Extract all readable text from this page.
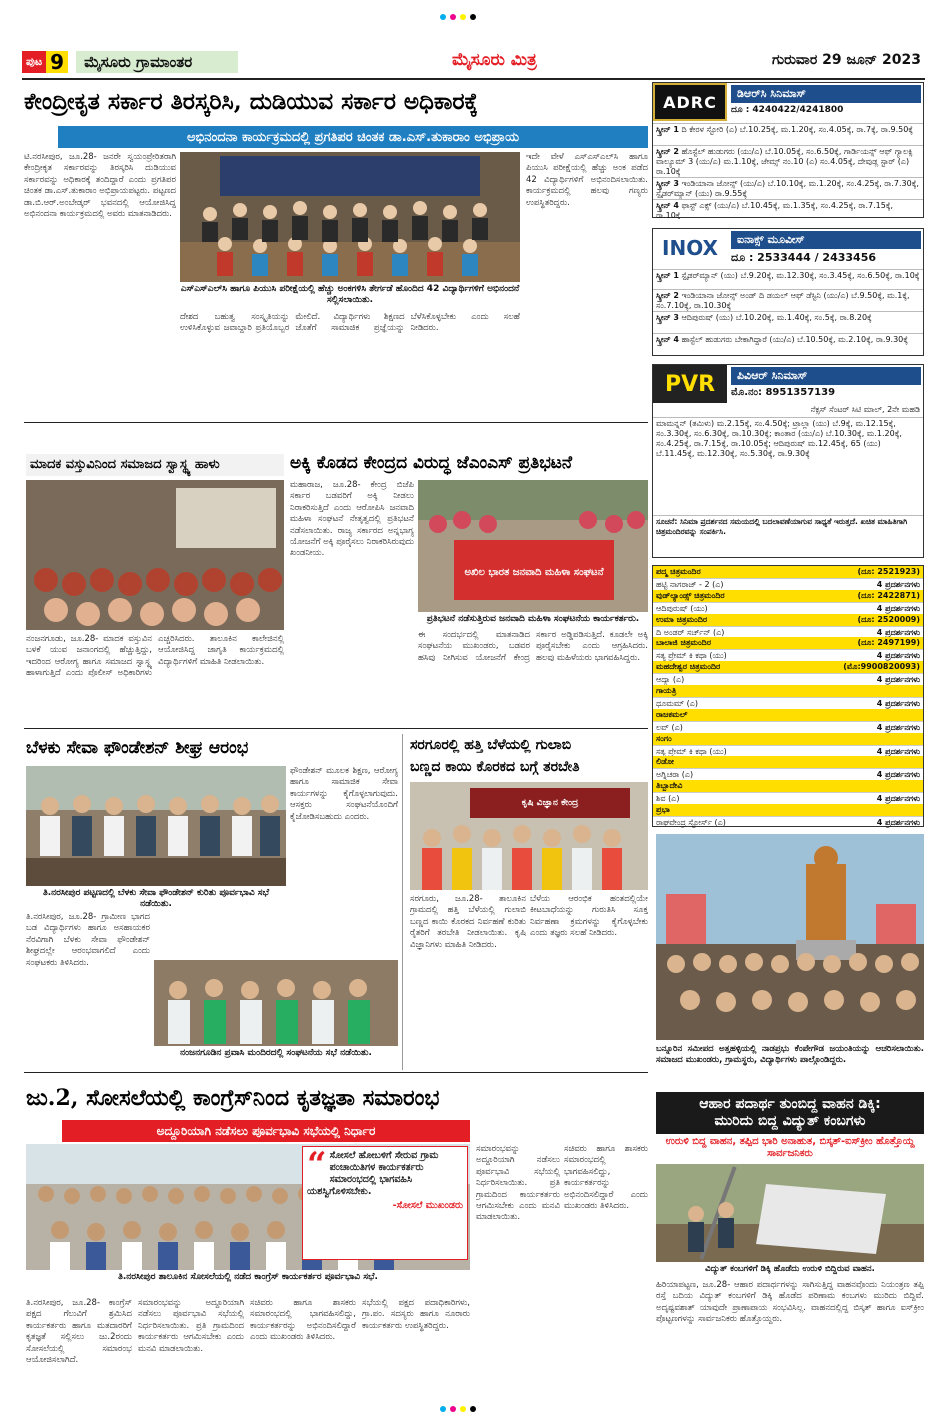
ಪುಟ 9	ಮೈಸೂರು ಗ್ರಾಮಾಂತರ	ಮೈಸೂರು ಮಿತ್ರ	ಗುರುವಾರ 29 ಜೂನ್ 2023
ಕೇಂದ್ರೀಕೃತ ಸರ್ಕಾರ ತಿರಸ್ಕರಿಸಿ, ದುಡಿಯುವ ಸರ್ಕಾರ ಅಧಿಕಾರಕ್ಕೆ
ಅಭಿನಂದನಾ ಕಾರ್ಯಕ್ರಮದಲ್ಲಿ ಪ್ರಗತಿಪರ ಚಿಂತಕ ಡಾ.ಎಸ್.ತುಕಾರಾಂ ಅಭಿಪ್ರಾಯ
ಟಿ.ನರಸೀಪುರ, ಜೂ.28- ಜನರೇ ಸ್ವಯಂಪ್ರೇರಿತರಾಗಿ ಕೇಂದ್ರೀಕೃತ ಸರ್ಕಾರವನ್ನು ತಿರಸ್ಕರಿಸಿ ದುಡಿಯುವ ಸರ್ಕಾರವನ್ನು ಅಧಿಕಾರಕ್ಕೆ ತಂದಿದ್ದಾರೆ ಎಂದು ಪ್ರಗತಿಪರ ಚಿಂತಕ ಡಾ.ಎಸ್.ತುಕಾರಾಂ ಅಭಿಪ್ರಾಯಪಟ್ಟರು. ಪಟ್ಟಣದ ಡಾ.ಬಿ.ಆರ್.ಅಂಬೇಡ್ಕರ್ ಭವನದಲ್ಲಿ ಆಯೋಜಿಸಿದ್ದ ಅಭಿನಂದನಾ ಕಾರ್ಯಕ್ರಮದಲ್ಲಿ ಅವರು ಮಾತನಾಡಿದರು.
ಎಸ್‌ಎಸ್‌ಎಲ್‌ಸಿ ಹಾಗೂ ಪಿಯುಸಿ ಪರೀಕ್ಷೆಯಲ್ಲಿ ಹೆಚ್ಚು ಅಂಕಗಳಿಸಿ ತೇರ್ಗಡೆ ಹೊಂದಿದ 42 ವಿದ್ಯಾರ್ಥಿಗಳಿಗೆ ಅಭಿನಂದನೆ ಸಲ್ಲಿಸಲಾಯಿತು.
ದೇಶದ ಬಹುತ್ವ ಸಂಸ್ಕೃತಿಯನ್ನು ಉಳಿಸಿಕೊಳ್ಳುವ ಜವಾಬ್ದಾರಿ ಪ್ರತಿಯೊಬ್ಬರ ಮೇಲಿದೆ. ವಿದ್ಯಾರ್ಥಿಗಳು ಶಿಕ್ಷಣದ ಜೊತೆಗೆ ಸಾಮಾಜಿಕ ಪ್ರಜ್ಞೆಯನ್ನು ಬೆಳೆಸಿಕೊಳ್ಳಬೇಕು ಎಂದು ಸಲಹೆ ನೀಡಿದರು.
ಇದೇ ವೇಳೆ ಎಸ್‌ಎಸ್‌ಎಲ್‌ಸಿ ಹಾಗೂ ಪಿಯುಸಿ ಪರೀಕ್ಷೆಯಲ್ಲಿ ಹೆಚ್ಚು ಅಂಕ ಪಡೆದ 42 ವಿದ್ಯಾರ್ಥಿಗಳಿಗೆ ಅಭಿನಂದಿಸಲಾಯಿತು. ಕಾರ್ಯಕ್ರಮದಲ್ಲಿ ಹಲವು ಗಣ್ಯರು ಉಪಸ್ಥಿತರಿದ್ದರು.
ಮಾದಕ ವಸ್ತುವಿನಿಂದ ಸಮಾಜದ ಸ್ವಾಸ್ಥ್ಯ ಹಾಳು
ನಂಜನಗೂಡು, ಜೂ.28- ಮಾದಕ ವಸ್ತುವಿನ ಬಳಕೆ ಯುವ ಜನಾಂಗದಲ್ಲಿ ಹೆಚ್ಚುತ್ತಿದ್ದು, ಇದರಿಂದ ಆರೋಗ್ಯ ಹಾಗೂ ಸಮಾಜದ ಸ್ವಾಸ್ಥ್ಯ ಹಾಳಾಗುತ್ತಿದೆ ಎಂದು ಪೊಲೀಸ್ ಅಧಿಕಾರಿಗಳು ಎಚ್ಚರಿಸಿದರು. ತಾಲೂಕಿನ ಕಾಲೇಜಿನಲ್ಲಿ ಆಯೋಜಿಸಿದ್ದ ಜಾಗೃತಿ ಕಾರ್ಯಕ್ರಮದಲ್ಲಿ ವಿದ್ಯಾರ್ಥಿಗಳಿಗೆ ಮಾಹಿತಿ ನೀಡಲಾಯಿತು.
ಅಕ್ಕಿ ಕೊಡದ ಕೇಂದ್ರದ ವಿರುದ್ಧ ಜೆಎಂಎಸ್ ಪ್ರತಿಭಟನೆ
ಮಹಾರಾಜ, ಜೂ.28- ಕೇಂದ್ರ ಬಿಜೆಪಿ ಸರ್ಕಾರ ಬಡವರಿಗೆ ಅಕ್ಕಿ ನೀಡಲು ನಿರಾಕರಿಸುತ್ತಿದೆ ಎಂದು ಆರೋಪಿಸಿ ಜನವಾದಿ ಮಹಿಳಾ ಸಂಘಟನೆ ನೇತೃತ್ವದಲ್ಲಿ ಪ್ರತಿಭಟನೆ ನಡೆಸಲಾಯಿತು. ರಾಜ್ಯ ಸರ್ಕಾರದ ಅನ್ನಭಾಗ್ಯ ಯೋಜನೆಗೆ ಅಕ್ಕಿ ಪೂರೈಸಲು ನಿರಾಕರಿಸಿರುವುದು ಖಂಡನೀಯ.
ಅಖಿಲ ಭಾರತ ಜನವಾದಿ ಮಹಿಳಾ ಸಂಘಟನೆ
ಪ್ರತಿಭಟನೆ ನಡೆಸುತ್ತಿರುವ ಜನವಾದಿ ಮಹಿಳಾ ಸಂಘಟನೆಯ ಕಾರ್ಯಕರ್ತರು.
ಈ ಸಂದರ್ಭದಲ್ಲಿ ಮಾತನಾಡಿದ ಸಂಘಟನೆಯ ಮುಖಂಡರು, ಬಡವರ ಹಸಿವು ನೀಗಿಸುವ ಯೋಜನೆಗೆ ಕೇಂದ್ರ ಸರ್ಕಾರ ಅಡ್ಡಿಪಡಿಸುತ್ತಿದೆ. ಕೂಡಲೇ ಅಕ್ಕಿ ಪೂರೈಸಬೇಕು ಎಂದು ಆಗ್ರಹಿಸಿದರು. ಹಲವು ಮಹಿಳೆಯರು ಭಾಗವಹಿಸಿದ್ದರು.
ಬೆಳಕು ಸೇವಾ ಫೌಂಡೇಶನ್ ಶೀಘ್ರ ಆರಂಭ
ತಿ.ನರಸೀಪುರ ಪಟ್ಟಣದಲ್ಲಿ ಬೆಳಕು ಸೇವಾ ಫೌಂಡೇಶನ್ ಕುರಿತು ಪೂರ್ವಭಾವಿ ಸಭೆ ನಡೆಯಿತು.
ತಿ.ನರಸೀಪುರ, ಜೂ.28- ಗ್ರಾಮೀಣ ಭಾಗದ ಬಡ ವಿದ್ಯಾರ್ಥಿಗಳು ಹಾಗೂ ಅಸಹಾಯಕರ ನೆರವಿಗಾಗಿ ಬೆಳಕು ಸೇವಾ ಫೌಂಡೇಶನ್ ಶೀಘ್ರದಲ್ಲೇ ಆರಂಭವಾಗಲಿದೆ ಎಂದು ಸಂಘಟಕರು ತಿಳಿಸಿದರು.
ಫೌಂಡೇಶನ್ ಮೂಲಕ ಶಿಕ್ಷಣ, ಆರೋಗ್ಯ ಹಾಗೂ ಸಾಮಾಜಿಕ ಸೇವಾ ಕಾರ್ಯಗಳನ್ನು ಕೈಗೊಳ್ಳಲಾಗುವುದು. ಆಸಕ್ತರು ಸಂಘಟನೆಯೊಂದಿಗೆ ಕೈಜೋಡಿಸಬಹುದು ಎಂದರು.
ನಂಜನಗೂಡಿನ ಪ್ರವಾಸಿ ಮಂದಿರದಲ್ಲಿ ಸಂಘಟನೆಯ ಸಭೆ ನಡೆಯಿತು.
ಸರಗೂರಲ್ಲಿ ಹತ್ತಿ ಬೆಳೆಯಲ್ಲಿ ಗುಲಾಬಿ
ಬಣ್ಣದ ಕಾಯಿ ಕೊರಕದ ಬಗ್ಗೆ ತರಬೇತಿ
ಕೃಷಿ ವಿಜ್ಞಾನ ಕೇಂದ್ರ
ಸರಗೂರು, ಜೂ.28- ತಾಲೂಕಿನ ಗ್ರಾಮದಲ್ಲಿ ಹತ್ತಿ ಬೆಳೆಯಲ್ಲಿ ಗುಲಾಬಿ ಬಣ್ಣದ ಕಾಯಿ ಕೊರಕದ ನಿರ್ವಹಣೆ ಕುರಿತು ರೈತರಿಗೆ ತರಬೇತಿ ನೀಡಲಾಯಿತು. ಕೃಷಿ ವಿಜ್ಞಾನಿಗಳು ಮಾಹಿತಿ ನೀಡಿದರು.
ಬೆಳೆಯ ಆರಂಭಿಕ ಹಂತದಲ್ಲಿಯೇ ಕೀಟಬಾಧೆಯನ್ನು ಗುರುತಿಸಿ ಸೂಕ್ತ ನಿರ್ವಹಣಾ ಕ್ರಮಗಳನ್ನು ಕೈಗೊಳ್ಳಬೇಕು ಎಂದು ತಜ್ಞರು ಸಲಹೆ ನೀಡಿದರು.
ಜು.2, ಸೋಸಲೆಯಲ್ಲಿ ಕಾಂಗ್ರೆಸ್‌ನಿಂದ ಕೃತಜ್ಞತಾ ಸಮಾರಂಭ
ಅದ್ದೂರಿಯಾಗಿ ನಡೆಸಲು ಪೂರ್ವಭಾವಿ ಸಭೆಯಲ್ಲಿ ನಿರ್ಧಾರ
“ ಸೋಸಲೆ ಹೋಬಳಿಗೆ ಸೇರುವ ಗ್ರಾಮ ಪಂಚಾಯಿತಿಗಳ ಕಾರ್ಯಕರ್ತರು ಸಮಾರಂಭದಲ್ಲಿ ಭಾಗವಹಿಸಿ ಯಶಸ್ವಿಗೊಳಿಸಬೇಕು.
-ಸೋಸಲೆ ಮುಖಂಡರು
ತಿ.ನರಸೀಪುರ ತಾಲೂಕಿನ ಸೋಸಲೆಯಲ್ಲಿ ನಡೆದ ಕಾಂಗ್ರೆಸ್ ಕಾರ್ಯಕರ್ತರ ಪೂರ್ವಭಾವಿ ಸಭೆ.
ತಿ.ನರಸೀಪುರ, ಜೂ.28- ಕಾಂಗ್ರೆಸ್ ಪಕ್ಷದ ಗೆಲುವಿಗೆ ಶ್ರಮಿಸಿದ ಕಾರ್ಯಕರ್ತರು ಹಾಗೂ ಮತದಾರರಿಗೆ ಕೃತಜ್ಞತೆ ಸಲ್ಲಿಸಲು ಜು.2ರಂದು ಸೋಸಲೆಯಲ್ಲಿ ಸಮಾರಂಭ ಆಯೋಜಿಸಲಾಗಿದೆ.
ಸಮಾರಂಭವನ್ನು ಅದ್ದೂರಿಯಾಗಿ ನಡೆಸಲು ಪೂರ್ವಭಾವಿ ಸಭೆಯಲ್ಲಿ ನಿರ್ಧರಿಸಲಾಯಿತು. ಪ್ರತಿ ಗ್ರಾಮದಿಂದ ಕಾರ್ಯಕರ್ತರು ಆಗಮಿಸಬೇಕು ಎಂದು ಮನವಿ ಮಾಡಲಾಯಿತು.
ಸಚಿವರು ಹಾಗೂ ಶಾಸಕರು ಸಮಾರಂಭದಲ್ಲಿ ಭಾಗವಹಿಸಲಿದ್ದು, ಕಾರ್ಯಕರ್ತರನ್ನು ಅಭಿನಂದಿಸಲಿದ್ದಾರೆ ಎಂದು ಮುಖಂಡರು ತಿಳಿಸಿದರು.
ಸಭೆಯಲ್ಲಿ ಪಕ್ಷದ ಪದಾಧಿಕಾರಿಗಳು, ಗ್ರಾ.ಪಂ. ಸದಸ್ಯರು ಹಾಗೂ ನೂರಾರು ಕಾರ್ಯಕರ್ತರು ಉಪಸ್ಥಿತರಿದ್ದರು.
ಸಮಾರಂಭವನ್ನು ಅದ್ದೂರಿಯಾಗಿ ನಡೆಸಲು ಪೂರ್ವಭಾವಿ ಸಭೆಯಲ್ಲಿ ನಿರ್ಧರಿಸಲಾಯಿತು. ಪ್ರತಿ ಗ್ರಾಮದಿಂದ ಕಾರ್ಯಕರ್ತರು ಆಗಮಿಸಬೇಕು ಎಂದು ಮನವಿ ಮಾಡಲಾಯಿತು.
ಸಚಿವರು ಹಾಗೂ ಶಾಸಕರು ಸಮಾರಂಭದಲ್ಲಿ ಭಾಗವಹಿಸಲಿದ್ದು, ಕಾರ್ಯಕರ್ತರನ್ನು ಅಭಿನಂದಿಸಲಿದ್ದಾರೆ ಎಂದು ಮುಖಂಡರು ತಿಳಿಸಿದರು.
ADRC	ಡಿಆರ್‌ಸಿ ಸಿನಿಮಾಸ್
ದೂ : 4240422/4241800
ಸ್ಕ್ರೀನ್ 1 ದಿ ಕೇರಳ ಸ್ಟೋರಿ (ಎ) ಬೆ.10.25ಕ್ಕೆ, ಮ.1.20ಕ್ಕೆ, ಸಂ.4.05ಕ್ಕೆ, ರಾ.7ಕ್ಕೆ, ರಾ.9.50ಕ್ಕೆ
ಸ್ಕ್ರೀನ್ 2 ಹೊಸ್ಟೆಲ್ ಹುಡುಗರು (ಯು/ಎ) ಬೆ.10.05ಕ್ಕೆ, ಸಂ.6.50ಕ್ಕೆ, ಗಾರ್ಡಿಯನ್ಸ್ ಆಫ್ ಗ್ಯಾಲಕ್ಸಿ ವಾಲ್ಯೂಮ್ 3 (ಯು/ಎ) ಮ.1.10ಕ್ಕೆ, ಜೇಮ್ಸ್ ನಂ.10 (ಎ) ಸಂ.4.05ಕ್ಕೆ, ದೇವುಡ್ಲ ಸ್ಟಾರ್ (ಎ) ರಾ.10ಕ್ಕೆ
ಸ್ಕ್ರೀನ್ 3 ಇಂಡಿಯಾನಾ ಜೋನ್ಸ್ (ಯು/ಎ) ಬೆ.10.10ಕ್ಕೆ, ಮ.1.20ಕ್ಕೆ, ಸಂ.4.25ಕ್ಕೆ, ರಾ.7.30ಕ್ಕೆ, ಸ್ಪೈಡರ್‌ಮ್ಯಾನ್ (ಯು) ರಾ.9.55ಕ್ಕೆ
ಸ್ಕ್ರೀನ್ 4 ಫಾಸ್ಟ್ ಎಕ್ಸ್ (ಯು/ಎ) ಬೆ.10.45ಕ್ಕೆ, ಮ.1.35ಕ್ಕೆ, ಸಂ.4.25ಕ್ಕೆ, ರಾ.7.15ಕ್ಕೆ, ರಾ.10ಕ್ಕೆ
INOX	ಐನಾಕ್ಸ್ ಮೂವೀಸ್
ದೂ : 2533444 / 2433456
ಸ್ಕ್ರೀನ್ 1 ಸ್ಪೈಡರ್‌ಮ್ಯಾನ್ (ಯು) ಬೆ.9.20ಕ್ಕೆ, ಮ.12.30ಕ್ಕೆ, ಸಂ.3.45ಕ್ಕೆ, ಸಂ.6.50ಕ್ಕೆ, ರಾ.10ಕ್ಕೆ
ಸ್ಕ್ರೀನ್ 2 ಇಂಡಿಯಾನಾ ಜೋನ್ಸ್ ಅಂಡ್ ದಿ ಡಯಲ್ ಆಫ್ ಡೆಸ್ಟಿನಿ (ಯು/ಎ) ಬೆ.9.50ಕ್ಕೆ, ಮ.1ಕ್ಕೆ, ಸಂ.7.10ಕ್ಕೆ, ರಾ.10.30ಕ್ಕೆ
ಸ್ಕ್ರೀನ್ 3 ಆದಿಪುರುಷ್ (ಯು) ಬೆ.10.20ಕ್ಕೆ, ಮ.1.40ಕ್ಕೆ, ಸಂ.5ಕ್ಕೆ, ರಾ.8.20ಕ್ಕೆ
ಸ್ಕ್ರೀನ್ 4 ಹಾಸ್ಟೆಲ್ ಹುಡುಗರು ಬೇಕಾಗಿದ್ದಾರೆ (ಯು/ಎ) ಬೆ.10.50ಕ್ಕೆ, ಮ.2.10ಕ್ಕೆ, ರಾ.9.30ಕ್ಕೆ
PVR	ಪಿವಿಆರ್ ಸಿನಿಮಾಸ್
ಮೊ.ನಂ: 8951357139
ನೆಕ್ಸಸ್ ಸೆಂಟರ್ ಸಿಟಿ ಮಾಲ್, 2ನೇ ಮಹಡಿ
ಮಾಮನ್ನನ್ (ತಮಿಳು) ಮ.2.15ಕ್ಕೆ, ಸಂ.4.50ಕ್ಕೆ; ಟ್ರಾಲ್ಲಾ (ಯು) ಬೆ.9ಕ್ಕೆ, ಮ.12.15ಕ್ಕೆ, ಸಂ.3.30ಕ್ಕೆ, ಸಂ.6.30ಕ್ಕೆ, ರಾ.10.30ಕ್ಕೆ; ಕಾಂತಾರ (ಯು/ಎ) ಬೆ.10.30ಕ್ಕೆ, ಮ.1.20ಕ್ಕೆ, ಸಂ.4.25ಕ್ಕೆ, ರಾ.7.15ಕ್ಕೆ, ರಾ.10.05ಕ್ಕೆ; ಆದಿಪುರುಷ್ ಮ.12.45ಕ್ಕೆ, 65 (ಯು) ಬೆ.11.45ಕ್ಕೆ, ಮ.12.30ಕ್ಕೆ, ಸಂ.5.30ಕ್ಕೆ, ರಾ.9.30ಕ್ಕೆ
ಸೂಚನೆ: ಸಿನಿಮಾ ಪ್ರದರ್ಶನದ ಸಮಯದಲ್ಲಿ ಬದಲಾವಣೆಯಾಗುವ ಸಾಧ್ಯತೆ ಇರುತ್ತದೆ. ಖಚಿತ ಮಾಹಿತಿಗಾಗಿ ಚಿತ್ರಮಂದಿರವನ್ನು ಸಂಪರ್ಕಿಸಿ.
ಪದ್ಮ ಚಿತ್ರಮಂದಿರ	(ದೂ: 2521923)
ಹಟ್ಟಿ ನಾಗರಾಜ್ - 2 (ಎ)	4 ಪ್ರದರ್ಶನಗಳು
ವುಡ್‌ಲ್ಯಾಂಡ್ಸ್ ಚಿತ್ರಮಂದಿರ	(ದೂ: 2422871)
ಆದಿಪುರುಷ್ (ಯು)	4 ಪ್ರದರ್ಶನಗಳು
ಉಮಾ ಚಿತ್ರಮಂದಿರ	(ದೂ: 2520009)
ದಿ ಅಂಡರ್ ಸರ್ಚ್‌ನ್ (ಎ)	4 ಪ್ರದರ್ಶನಗಳು
ಬಾಲಾಜಿ ಚಿತ್ರಮಂದಿರ	(ದೂ: 2497199)
ಸತ್ಯ ಪ್ರೇಮ್ ಕಿ ಕಥಾ (ಯು)	4 ಪ್ರದರ್ಶನಗಳು
ಮಹದೇಶ್ವರ ಚಿತ್ರಮಂದಿರ	(ಮೊ:9900820093)
ಆದ್ಯಾ (ಎ)	4 ಪ್ರದರ್ಶನಗಳು
ಗಾಯತ್ರಿ
ಧೂಮಮ್ (ಎ)	4 ಪ್ರದರ್ಶನಗಳು
ರಾಜಕಮಲ್
ಲವ್ (ಎ)	4 ಪ್ರದರ್ಶನಗಳು
ಸಂಗಂ
ಸತ್ಯ ಪ್ರೇಮ್ ಕಿ ಕಥಾ (ಯು)	4 ಪ್ರದರ್ಶನಗಳು
ಲಿಡೋ
ಅಗ್ನಿಚರಾ (ಎ)	4 ಪ್ರದರ್ಶನಗಳು
ತಿಬ್ಬಾದೇವಿ
ಶಿವ (ಎ)	4 ಪ್ರದರ್ಶನಗಳು
ಪ್ರಭಾ
ರಾಘವೇಂದ್ರ ಸ್ಟೋರ್ಸ್ (ಎ)	4 ಪ್ರದರ್ಶನಗಳು
ಬನ್ನೂರಿನ ಸಮೀಪದ ಅತ್ತಹಳ್ಳಿಯಲ್ಲಿ ನಾಡಪ್ರಭು ಕೆಂಪೇಗೌಡ ಜಯಂತಿಯನ್ನು ಆಚರಿಸಲಾಯಿತು. ಸಮಾಜದ ಮುಖಂಡರು, ಗ್ರಾಮಸ್ಥರು, ವಿದ್ಯಾರ್ಥಿಗಳು ಪಾಲ್ಗೊಂಡಿದ್ದರು.
ಆಹಾರ ಪದಾರ್ಥ ತುಂಬಿದ್ದ ವಾಹನ ಡಿಕ್ಕಿ:
ಮುರಿದು ಬಿದ್ದ ವಿದ್ಯುತ್ ಕಂಬಗಳು
ಉರುಳಿ ಬಿದ್ದ ವಾಹನ, ತಪ್ಪಿದ ಭಾರಿ ಅನಾಹುತ, ಬಿಸ್ಕತ್-ಐಸ್‌ಕ್ರೀಂ ಹೊತ್ತೊಯ್ದ ಸಾರ್ವಜನಿಕರು
ವಿದ್ಯುತ್ ಕಂಬಗಳಿಗೆ ಡಿಕ್ಕಿ ಹೊಡೆದು ಉರುಳಿ ಬಿದ್ದಿರುವ ವಾಹನ.
ಹಿರಿಯಾಪಟ್ಟಣ, ಜೂ.28- ಆಹಾರ ಪದಾರ್ಥಗಳನ್ನು ಸಾಗಿಸುತ್ತಿದ್ದ ವಾಹನವೊಂದು ನಿಯಂತ್ರಣ ತಪ್ಪಿ ರಸ್ತೆ ಬದಿಯ ವಿದ್ಯುತ್ ಕಂಬಗಳಿಗೆ ಡಿಕ್ಕಿ ಹೊಡೆದ ಪರಿಣಾಮ ಕಂಬಗಳು ಮುರಿದು ಬಿದ್ದಿವೆ. ಅದೃಷ್ಟವಶಾತ್ ಯಾವುದೇ ಪ್ರಾಣಾಪಾಯ ಸಂಭವಿಸಿಲ್ಲ. ವಾಹನದಲ್ಲಿದ್ದ ಬಿಸ್ಕತ್ ಹಾಗೂ ಐಸ್‌ಕ್ರೀಂ ಪೊಟ್ಟಣಗಳನ್ನು ಸಾರ್ವಜನಿಕರು ಹೊತ್ತೊಯ್ದರು.
